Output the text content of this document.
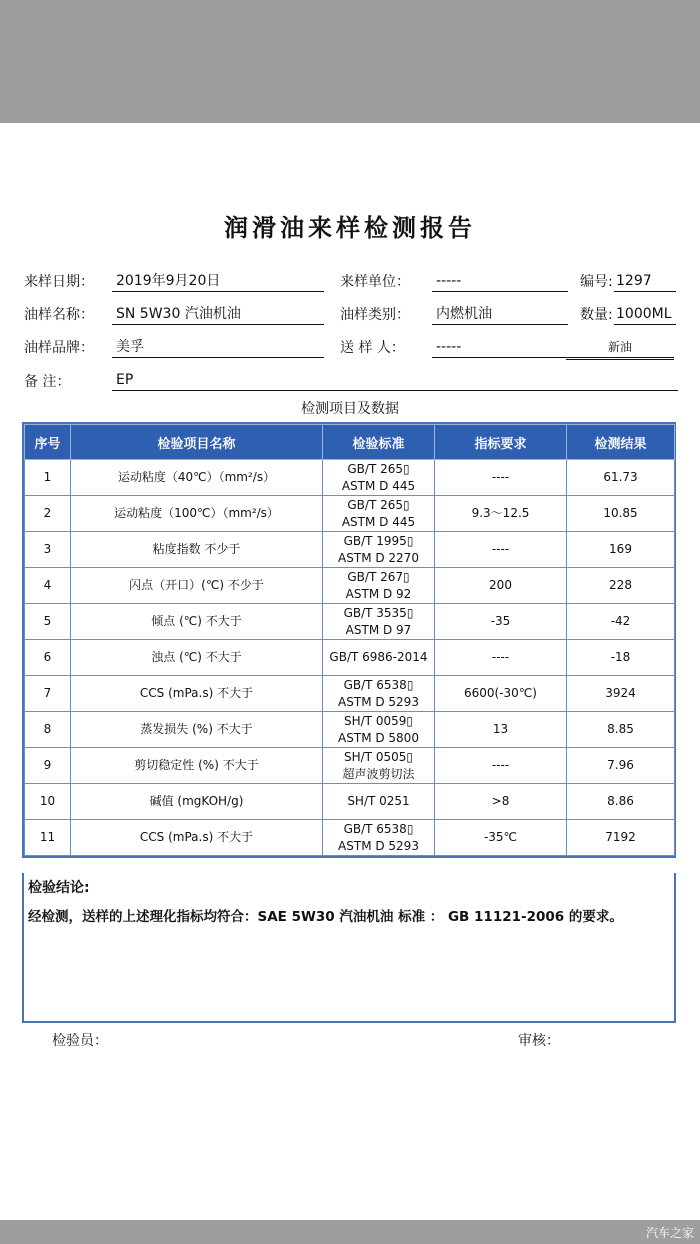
润滑油来样检测报告
来样日期： 2019年9月20日	来样单位： -----	编号: 1297
油样名称： SN 5W30 汽油机油	油样类别： 内燃机油	数量: 1000ML
油样品牌： 美孚	送 样 人： -----	新油
备 注：	EP
检测项目及数据
序号	检验项目名称	检验标准	指标要求	检测结果
1	运动粘度（40℃）（mm²/s）	GB/T 265▯
ASTM D 445	----	61.73
2	运动粘度（100℃）（mm²/s）	GB/T 265▯
ASTM D 445	9.3～12.5	10.85
3	粘度指数 不少于	GB/T 1995▯
ASTM D 2270	----	169
4	闪点（开口）(℃) 不少于	GB/T 267▯
ASTM D 92	200	228
5	倾点 (℃) 不大于	GB/T 3535▯
ASTM D 97	-35	-42
6	浊点 (℃) 不大于	GB/T 6986-2014	----	-18
7	CCS (mPa.s) 不大于	GB/T 6538▯
ASTM D 5293	6600(-30℃)	3924
8	蒸发损失 (%) 不大于	SH/T 0059▯
ASTM D 5800	13	8.85
9	剪切稳定性 (%) 不大于	SH/T 0505▯
超声波剪切法	----	7.96
10	碱值 (mgKOH/g)	SH/T 0251	>8	8.86
11	CCS (mPa.s) 不大于	GB/T 6538▯
ASTM D 5293	-35℃	7192
检验结论:
经检测，送样的上述理化指标均符合：SAE 5W30 汽油机油 标准 ： GB 11121-2006 的要求。
检验员：	审核：
汽车之家
